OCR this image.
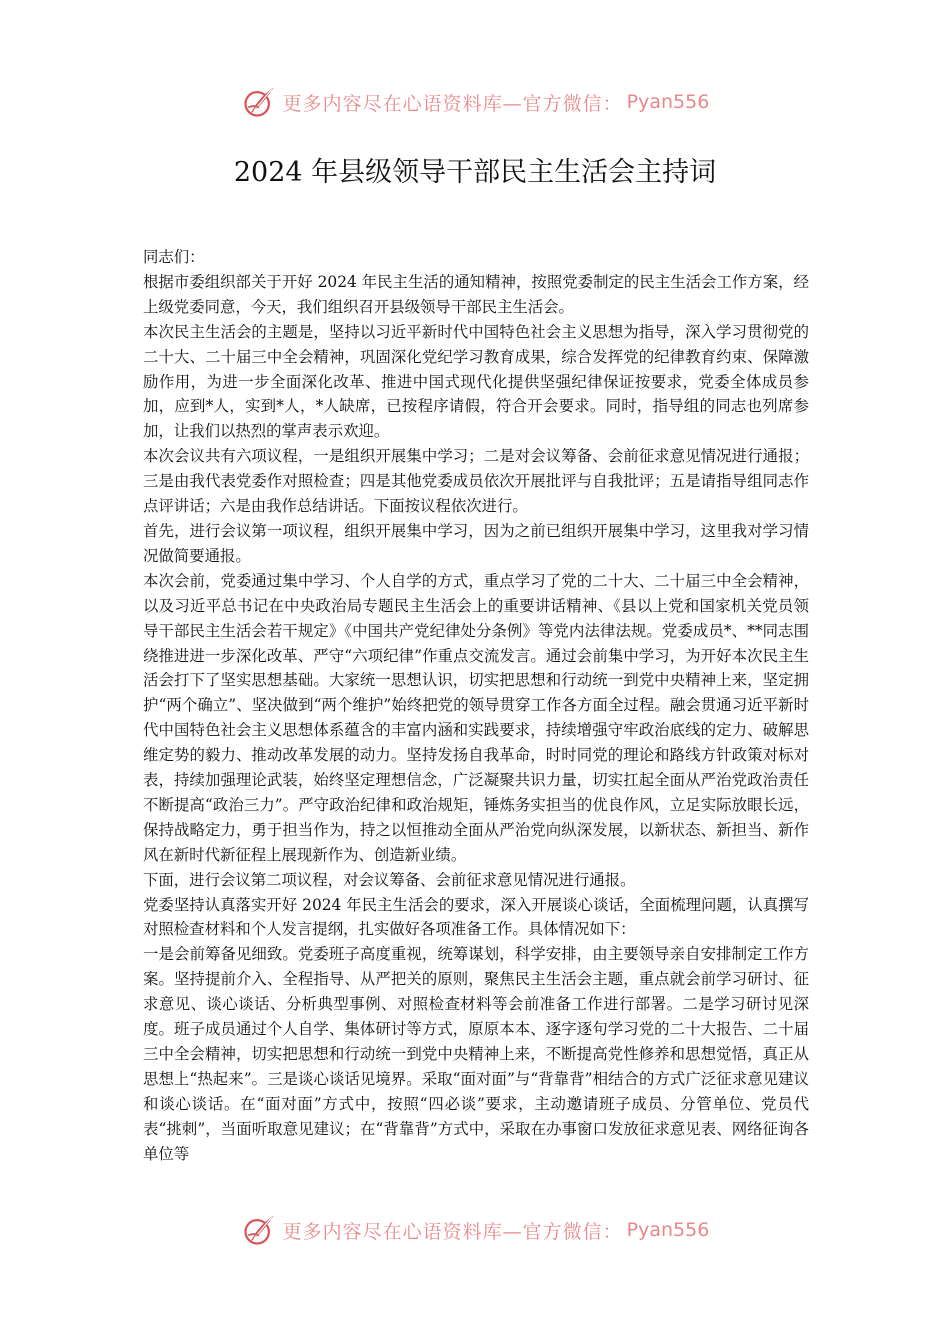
更多内容尽在心语资料库—官方微信： Pyan556
2024 年县级领导干部民主生活会主持词

同志们：

根据市委组织部关于开好 2024 年民主生活的通知精神，按照党委制定的民主生活会工作方案，经上级党委同意，今天，我们组织召开县级领导干部民主生活会。

本次民主生活会的主题是，坚持以习近平新时代中国特色社会主义思想为指导，深入学习贯彻党的二十大、二十届三中全会精神，巩固深化党纪学习教育成果，综合发挥党的纪律教育约束、保障激励作用，为进一步全面深化改革、推进中国式现代化提供坚强纪律保证按要求，党委全体成员参加，应到*人，实到*人，*人缺席，已按程序请假，符合开会要求。同时，指导组的同志也列席参加，让我们以热烈的掌声表示欢迎。

本次会议共有六项议程，一是组织开展集中学习；二是对会议筹备、会前征求意见情况进行通报；三是由我代表党委作对照检查；四是其他党委成员依次开展批评与自我批评；五是请指导组同志作点评讲话；六是由我作总结讲话。下面按议程依次进行。

首先，进行会议第一项议程，组织开展集中学习，因为之前已组织开展集中学习，这里我对学习情况做简要通报。

本次会前，党委通过集中学习、个人自学的方式，重点学习了党的二十大、二十届三中全会精神，以及习近平总书记在中央政治局专题民主生活会上的重要讲话精神、《县以上党和国家机关党员领导干部民主生活会若干规定》《中国共产党纪律处分条例》等党内法律法规。党委成员*、**同志围绕推进进一步深化改革、严守“六项纪律”作重点交流发言。通过会前集中学习，为开好本次民主生活会打下了坚实思想基础。大家统一思想认识，切实把思想和行动统一到党中央精神上来，坚定拥护“两个确立”、坚决做到“两个维护”始终把党的领导贯穿工作各方面全过程。融会贯通习近平新时代中国特色社会主义思想体系蕴含的丰富内涵和实践要求，持续增强守牢政治底线的定力、破解思维定势的毅力、推动改革发展的动力。坚持发扬自我革命，时时同党的理论和路线方针政策对标对表，持续加强理论武装，始终坚定理想信念，广泛凝聚共识力量，切实扛起全面从严治党政治责任不断提高“政治三力”。严守政治纪律和政治规矩，锤炼务实担当的优良作风，立足实际放眼长远，保持战略定力，勇于担当作为，持之以恒推动全面从严治党向纵深发展，以新状态、新担当、新作风在新时代新征程上展现新作为、创造新业绩。

下面，进行会议第二项议程，对会议筹备、会前征求意见情况进行通报。

党委坚持认真落实开好 2024 年民主生活会的要求，深入开展谈心谈话，全面梳理问题，认真撰写对照检查材料和个人发言提纲，扎实做好各项准备工作。具体情况如下：

一是会前筹备见细致。党委班子高度重视，统筹谋划，科学安排，由主要领导亲自安排制定工作方案。坚持提前介入、全程指导、从严把关的原则，聚焦民主生活会主题，重点就会前学习研讨、征求意见、谈心谈话、分析典型事例、对照检查材料等会前准备工作进行部署。二是学习研讨见深度。班子成员通过个人自学、集体研讨等方式，原原本本、逐字逐句学习党的二十大报告、二十届三中全会精神，切实把思想和行动统一到党中央精神上来，不断提高党性修养和思想觉悟，真正从思想上“热起来”。三是谈心谈话见境界。采取“面对面”与“背靠背”相结合的方式广泛征求意见建议和谈心谈话。在“面对面”方式中，按照“四必谈”要求，主动邀请班子成员、分管单位、党员代表“挑刺”，当面听取意见建议；在“背靠背”方式中，采取在办事窗口发放征求意见表、网络征询各单位等

更多内容尽在心语资料库—官方微信： Pyan556
